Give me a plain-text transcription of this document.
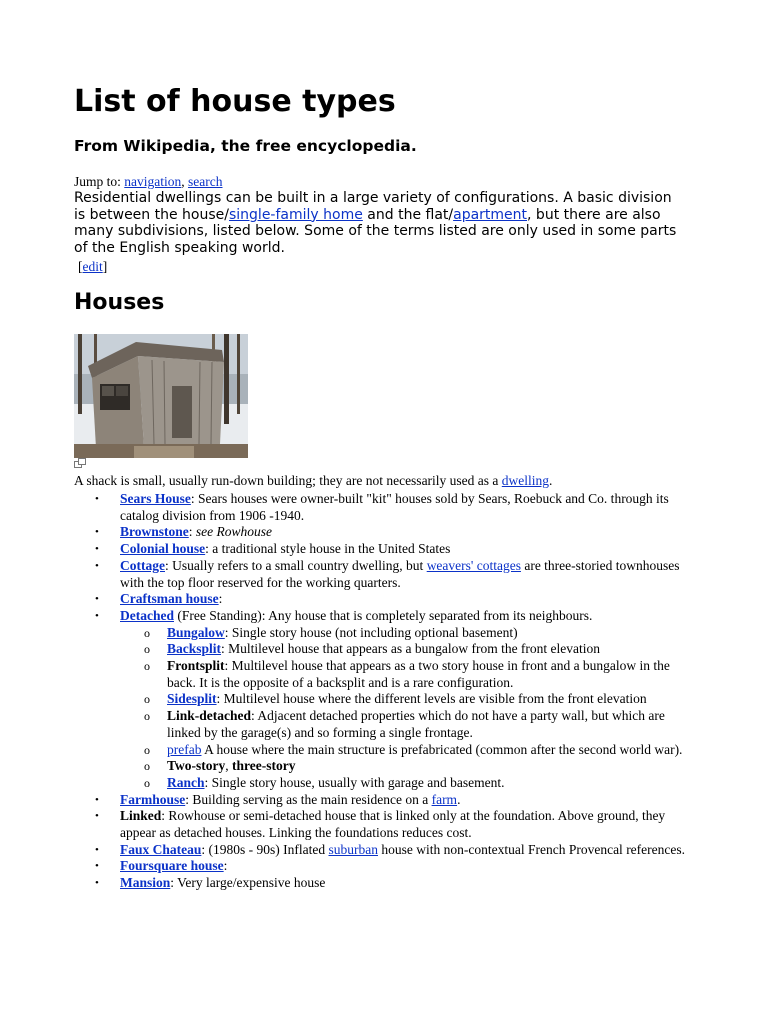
List of house types

From Wikipedia, the free encyclopedia.

Jump to: navigation, search
Residential dwellings can be built in a large variety of configurations. A basic division is between the house/single-family home and the flat/apartment, but there are also many subdivisions, listed below. Some of the terms listed are only used in some parts of the English speaking world.
[edit]
Houses
A shack is small, usually run-down building; they are not necessarily used as a dwelling.
• Sears House: Sears houses were owner-built "kit" houses sold by Sears, Roebuck and Co. through its catalog division from 1906 -1940.
• Brownstone: see Rowhouse
• Colonial house: a traditional style house in the United States
• Cottage: Usually refers to a small country dwelling, but weavers' cottages are three-storied townhouses with the top floor reserved for the working quarters.
• Craftsman house:
• Detached (Free Standing): Any house that is completely separated from its neighbours.
o Bungalow: Single story house (not including optional basement)
o Backsplit: Multilevel house that appears as a bungalow from the front elevation
o Frontsplit: Multilevel house that appears as a two story house in front and a bungalow in the back. It is the opposite of a backsplit and is a rare configuration.
o Sidesplit: Multilevel house where the different levels are visible from the front elevation
o Link-detached: Adjacent detached properties which do not have a party wall, but which are linked by the garage(s) and so forming a single frontage.
o prefab A house where the main structure is prefabricated (common after the second world war).
o Two-story, three-story
o Ranch: Single story house, usually with garage and basement.
• Farmhouse: Building serving as the main residence on a farm.
• Linked: Rowhouse or semi-detached house that is linked only at the foundation. Above ground, they appear as detached houses. Linking the foundations reduces cost.
• Faux Chateau: (1980s - 90s) Inflated suburban house with non-contextual French Provencal references.
• Foursquare house:
• Mansion: Very large/expensive house
